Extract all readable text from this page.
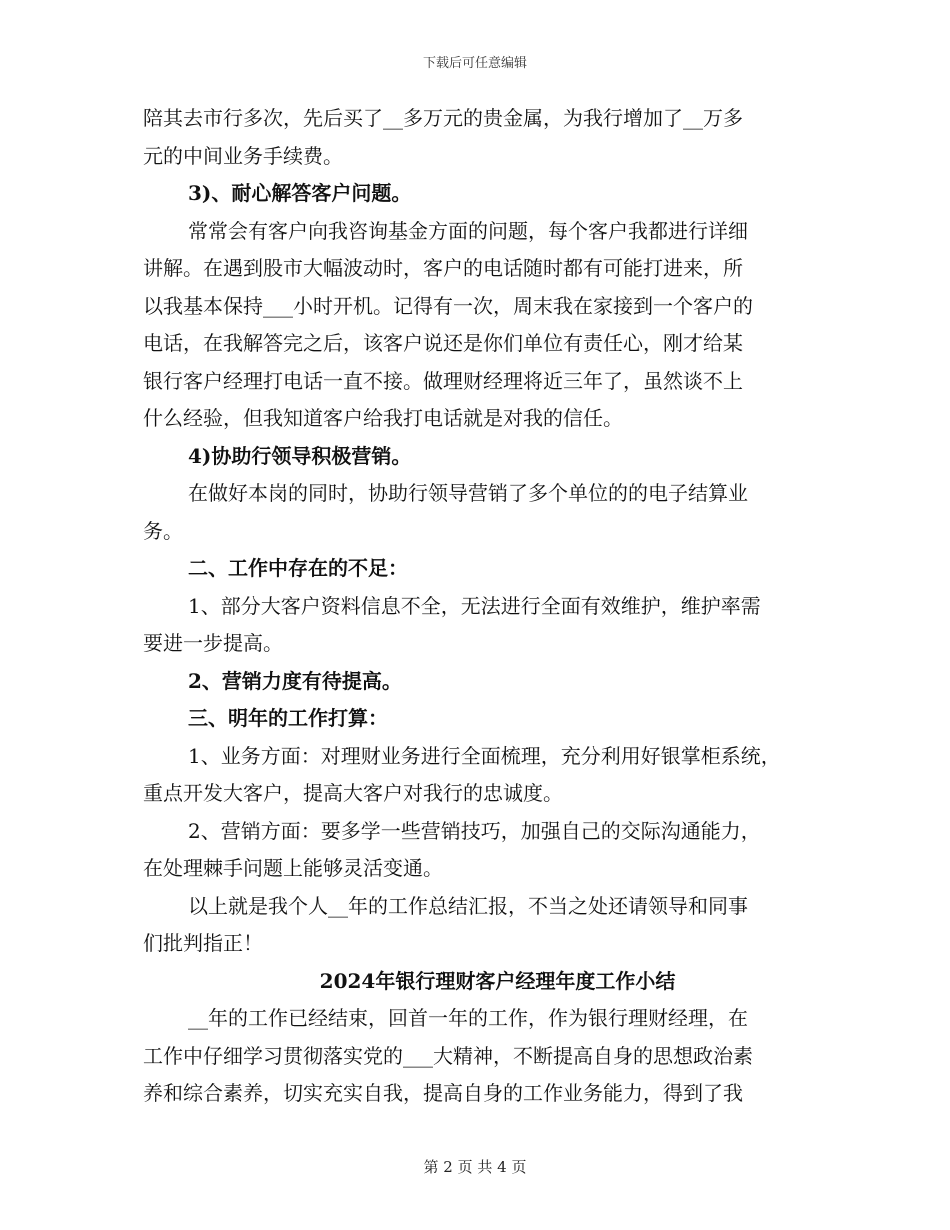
下载后可任意编辑

陪其去市行多次，先后买了__多万元的贵金属，为我行增加了__万多

元的中间业务手续费。

3)、耐心解答客户问题。

常常会有客户向我咨询基金方面的问题，每个客户我都进行详细

讲解。在遇到股市大幅波动时，客户的电话随时都有可能打进来，所

以我基本保持___小时开机。记得有一次，周末我在家接到一个客户的

电话，在我解答完之后，该客户说还是你们单位有责任心，刚才给某

银行客户经理打电话一直不接。做理财经理将近三年了，虽然谈不上

什么经验，但我知道客户给我打电话就是对我的信任。

4)协助行领导积极营销。

在做好本岗的同时，协助行领导营销了多个单位的的电子结算业

务。

二、工作中存在的不足：

1、部分大客户资料信息不全，无法进行全面有效维护，维护率需

要进一步提高。

2、营销力度有待提高。

三、明年的工作打算：

1、业务方面：对理财业务进行全面梳理，充分利用好银掌柜系统，

重点开发大客户，提高大客户对我行的忠诚度。

2、营销方面：要多学一些营销技巧，加强自己的交际沟通能力，

在处理棘手问题上能够灵活变通。

以上就是我个人__年的工作总结汇报，不当之处还请领导和同事

们批判指正！

2024年银行理财客户经理年度工作小结

__年的工作已经结束，回首一年的工作，作为银行理财经理，在

工作中仔细学习贯彻落实党的___大精神，不断提高自身的思想政治素

养和综合素养，切实充实自我，提高自身的工作业务能力，得到了我

第 2 页 共 4 页
